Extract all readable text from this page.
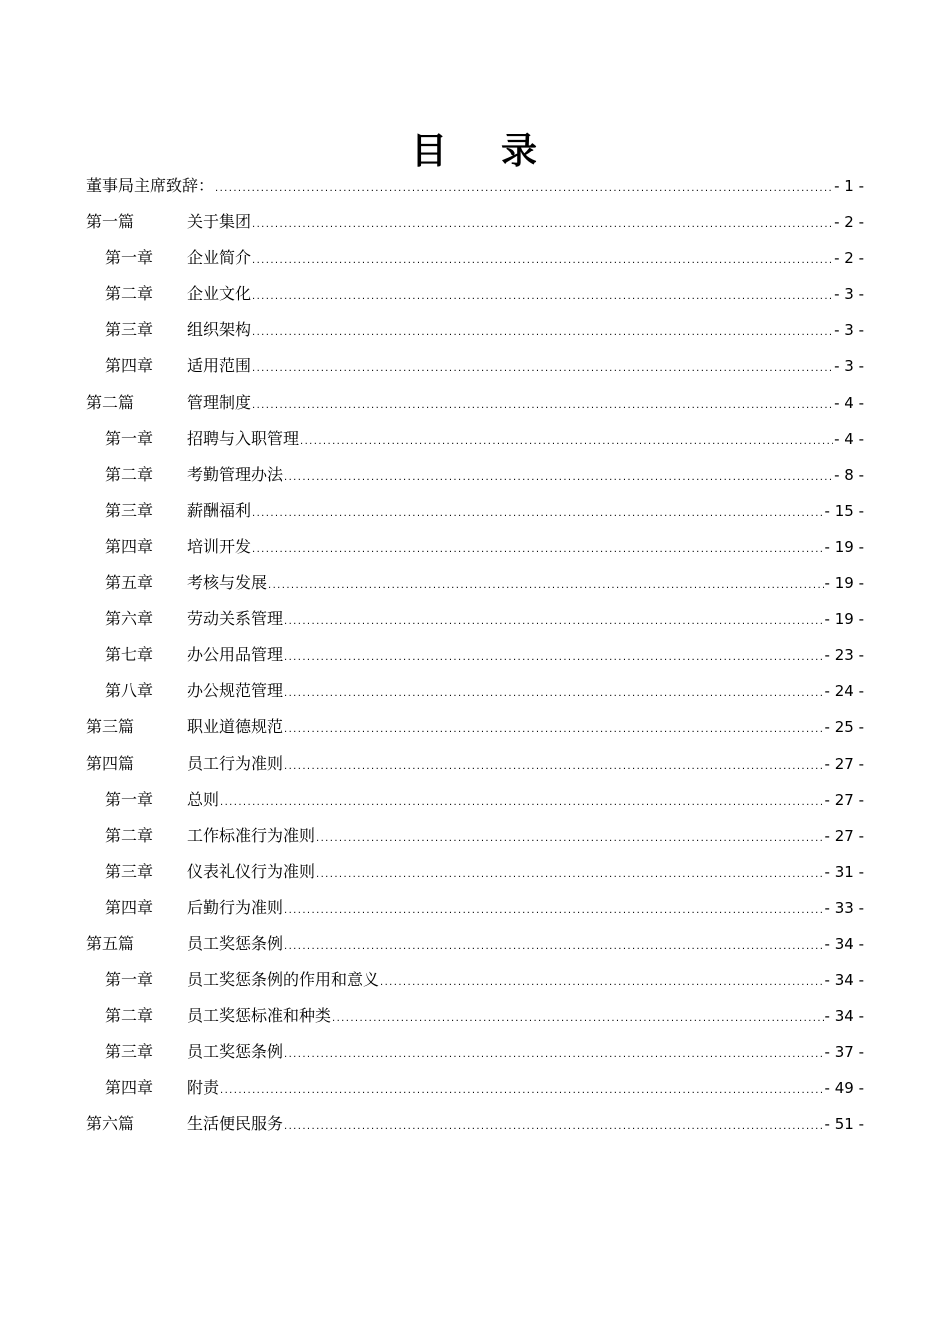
目 录
董事局主席致辞： .....	- 1 -
第一篇	关于集团 .....	- 2 -
第一章	企业简介 .....	- 2 -
第二章	企业文化 .....	- 3 -
第三章	组织架构 .....	- 3 -
第四章	适用范围 .....	- 3 -
第二篇	管理制度 .....	- 4 -
第一章	招聘与入职管理 .....	- 4 -
第二章	考勤管理办法 .....	- 8 -
第三章	薪酬福利 .....	- 15 -
第四章	培训开发 .....	- 19 -
第五章	考核与发展 .....	- 19 -
第六章	劳动关系管理 .....	- 19 -
第七章	办公用品管理 .....	- 23 -
第八章	办公规范管理 .....	- 24 -
第三篇	职业道德规范 .....	- 25 -
第四篇	员工行为准则 .....	- 27 -
第一章	总则 .....	- 27 -
第二章	工作标准行为准则 .....	- 27 -
第三章	仪表礼仪行为准则 .....	- 31 -
第四章	后勤行为准则 .....	- 33 -
第五篇	员工奖惩条例 .....	- 34 -
第一章	员工奖惩条例的作用和意义 .....	- 34 -
第二章	员工奖惩标准和种类 .....	- 34 -
第三章	员工奖惩条例 .....	- 37 -
第四章	附责 .....	- 49 -
第六篇	生活便民服务 .....	- 51 -
